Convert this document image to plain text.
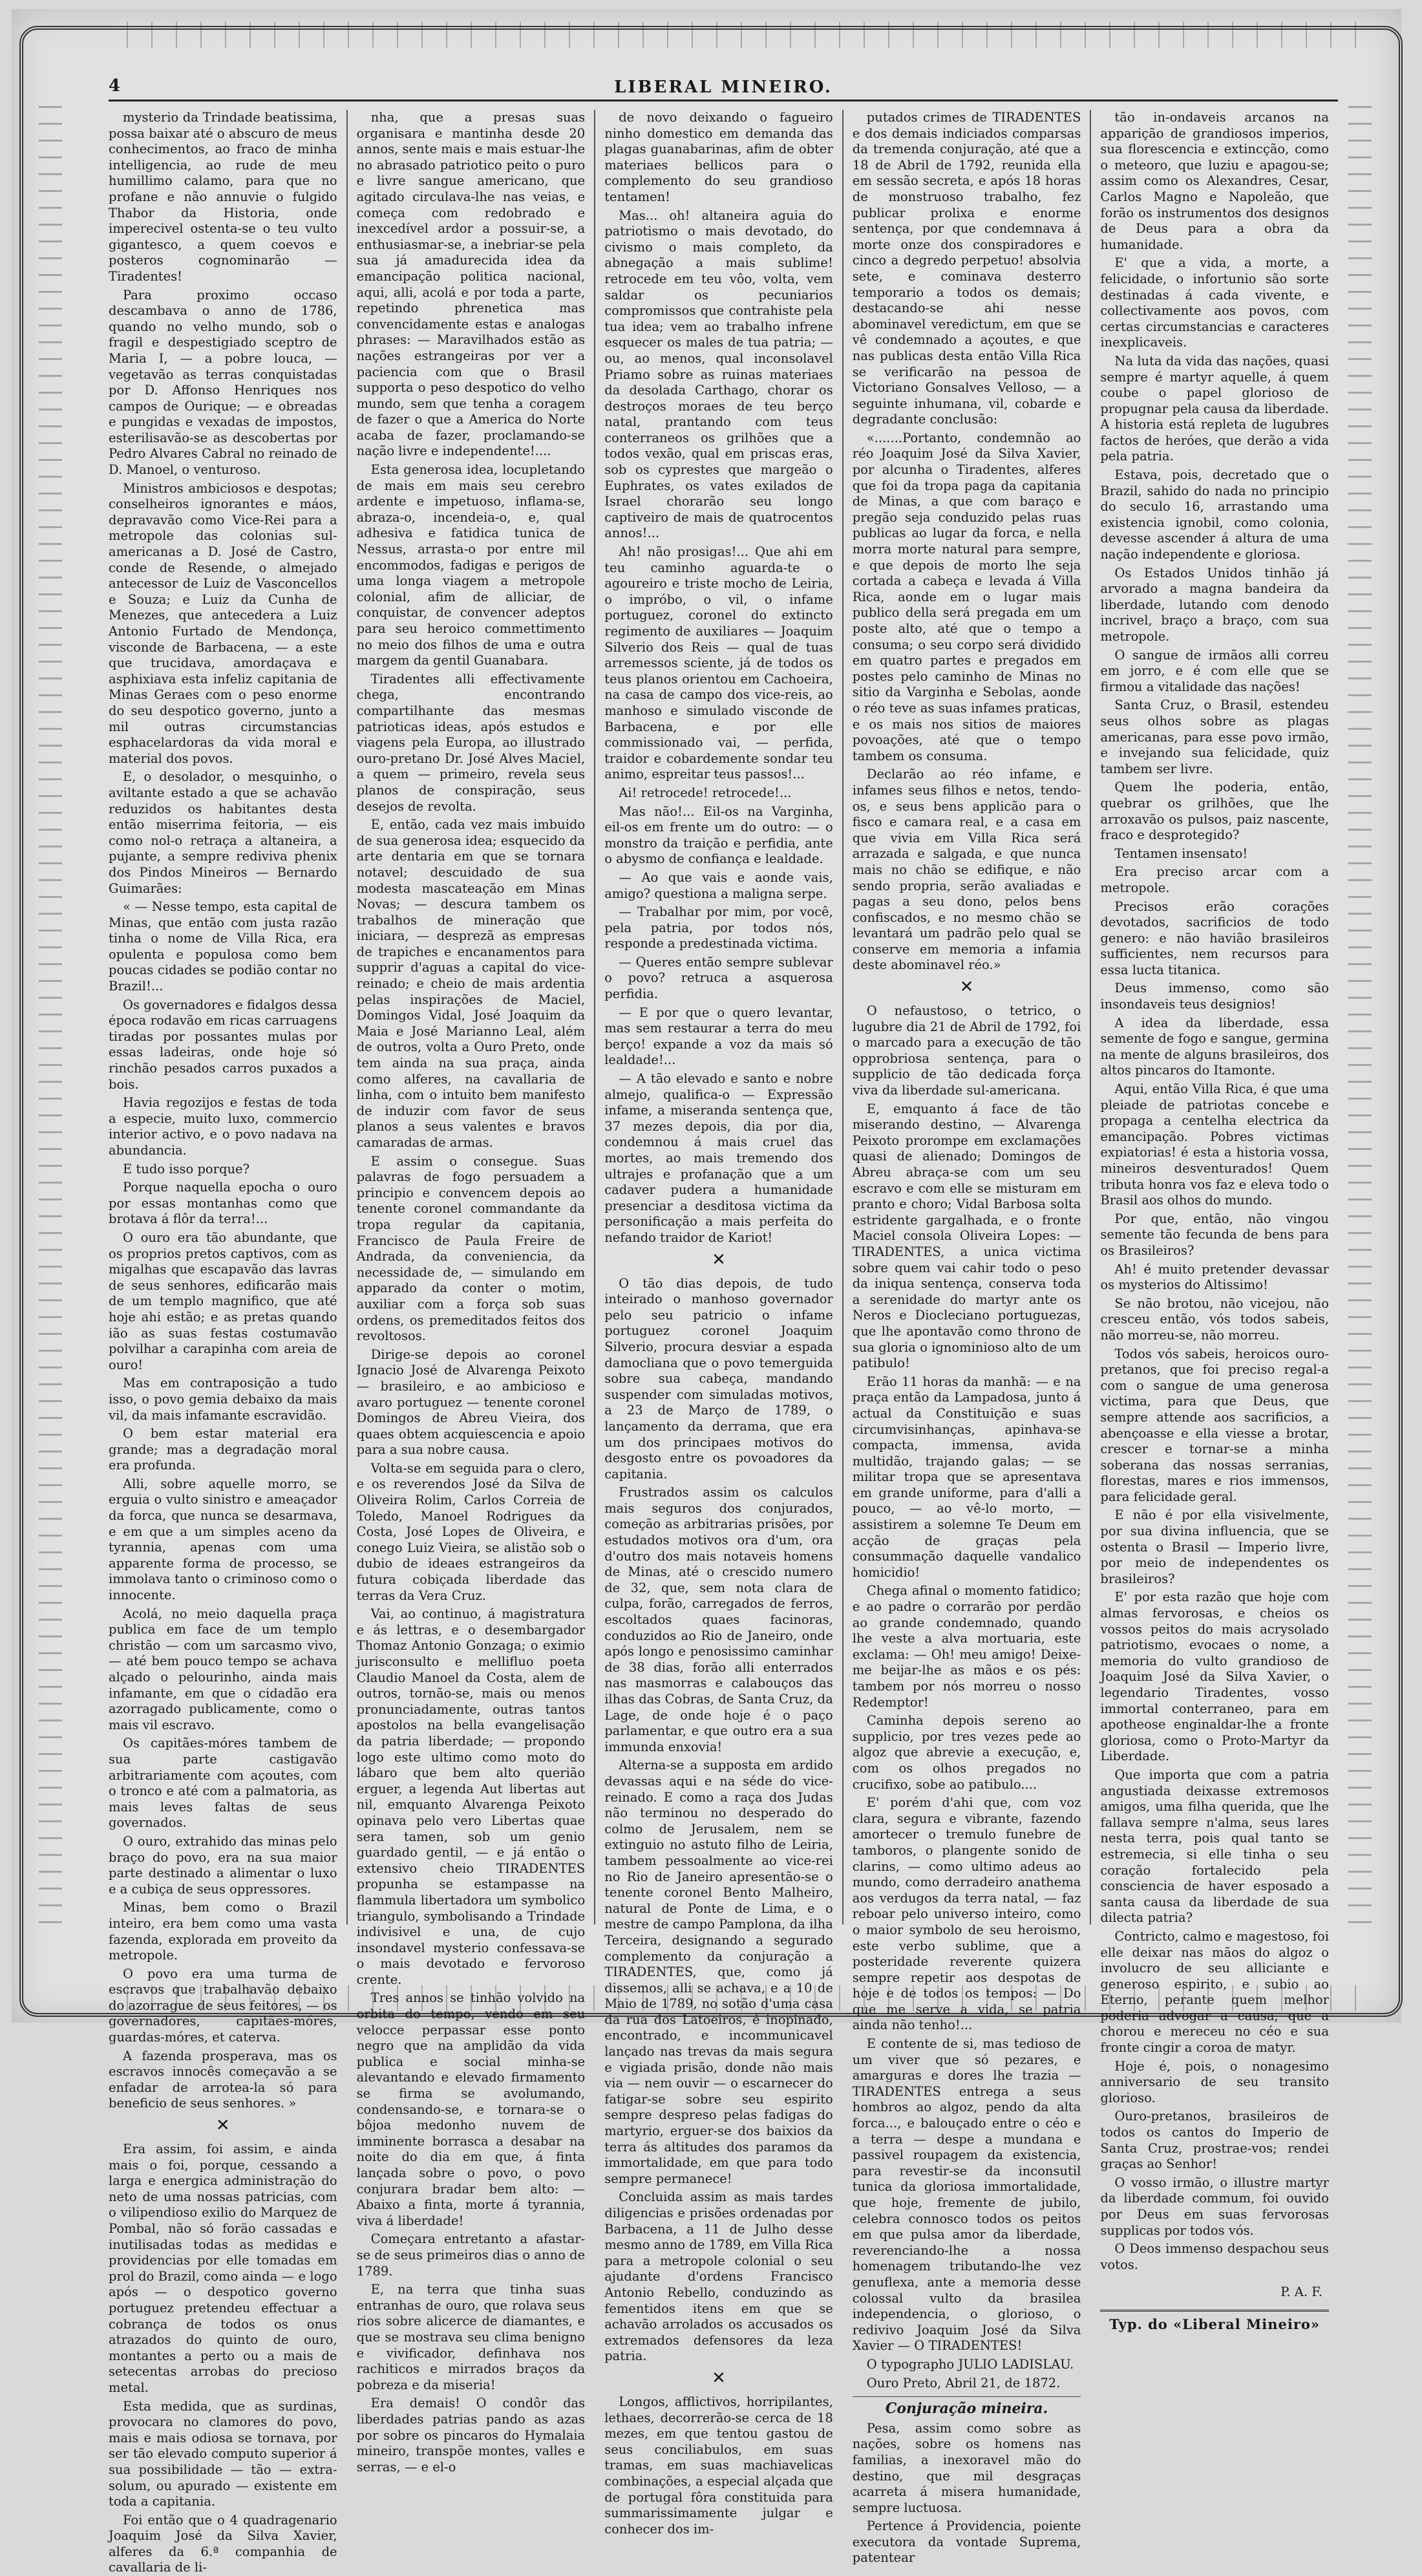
4	LIBERAL MINEIRO.

mysterio da Trindade beatissima, possa baixar até o abscuro de meus conhecimentos, ao fraco de minha intelligencia, ao rude de meu humillimo calamo, para que no profane e não annuvie o fulgido Thabor da Historia, onde imperecivel ostenta-se o teu vulto gigantesco, a quem coevos e posteros cognominarão — Tiradentes!

Para proximo occaso descambava o anno de 1786, quando no velho mundo, sob o fragil e despestigiado sceptro de Maria I, — a pobre louca, — vegetavão as terras conquistadas por D. Affonso Henriques nos campos de Ourique; — e obreadas e pungidas e vexadas de impostos, esterilisavão-se as descobertas por Pedro Alvares Cabral no reinado de D. Manoel, o venturoso.

Ministros ambiciosos e despotas; conselheiros ignorantes e máos, depravavão como Vice-Rei para a metropole das colonias sul-americanas a D. José de Castro, conde de Resende, o almejado antecessor de Luiz de Vasconcellos e Souza; e Luiz da Cunha de Menezes, que antecedera a Luiz Antonio Furtado de Mendonça, visconde de Barbacena, — a este que trucidava, amordaçava e asphixiava esta infeliz capitania de Minas Geraes com o peso enorme do seu despotico governo, junto a mil outras circumstancias esphacelardoras da vida moral e material dos povos.

E, o desolador, o mesquinho, o aviltante estado a que se achavão reduzidos os habitantes desta então miserrima feitoria, — eis como nol-o retraça a altaneira, a pujante, a sempre rediviva phenix dos Pindos Mineiros — Bernardo Guimarães:

« — Nesse tempo, esta capital de Minas, que então com justa razão tinha o nome de Villa Rica, era opulenta e populosa como bem poucas cidades se podião contar no Brazil!...

Os governadores e fidalgos dessa época rodavão em ricas carruagens tiradas por possantes mulas por essas ladeiras, onde hoje só rinchão pesados carros puxados a bois.

Havia regozijos e festas de toda a especie, muito luxo, commercio interior activo, e o povo nadava na abundancia.

E tudo isso porque?

Porque naquella epocha o ouro por essas montanhas como que brotava á flôr da terra!...

O ouro era tão abundante, que os proprios pretos captivos, com as migalhas que escapavão das lavras de seus senhores, edificarão mais de um templo magnifico, que até hoje ahi estão; e as pretas quando ião as suas festas costumavão polvilhar a carapinha com areia de ouro!

Mas em contraposição a tudo isso, o povo gemia debaixo da mais vil, da mais infamante escravidão.

O bem estar material era grande; mas a degradação moral era profunda.

Alli, sobre aquelle morro, se erguia o vulto sinistro e ameaçador da forca, que nunca se desarmava, e em que a um simples aceno da tyrannia, apenas com uma apparente forma de processo, se immolava tanto o criminoso como o innocente.

Acolá, no meio daquella praça publica em face de um templo christão — com um sarcasmo vivo, — até bem pouco tempo se achava alçado o pelourinho, ainda mais infamante, em que o cidadão era azorragado publicamente, como o mais vil escravo.

Os capitães-móres tambem de sua parte castigavão arbitrariamente com açoutes, com o tronco e até com a palmatoria, as mais leves faltas de seus governados.

O ouro, extrahido das minas pelo braço do povo, era na sua maior parte destinado a alimentar o luxo e a cubiça de seus oppressores.

Minas, bem como o Brazil inteiro, era bem como uma vasta fazenda, explorada em proveito da metropole.

O povo era uma turma de escravos que trabalhavão debaixo do azorrague de seus feitores, — os governadores, capitães-móres, guardas-móres, et caterva.

A fazenda prosperava, mas os escravos innocês começavão a se enfadar de arrotea-la só para beneficio de seus senhores. »

✕

Era assim, foi assim, e ainda mais o foi, porque, cessando a larga e energica administração do neto de uma nossas patricias, com o vilipendioso exilio do Marquez de Pombal, não só foräo cassadas e inutilisadas todas as medidas e providencias por elle tomadas em prol do Brazil, como ainda — e logo após — o despotico governo portuguez pretendeu effectuar a cobrança de todos os onus atrazados do quinto de ouro, montantes a perto ou a mais de setecentas arrobas do precioso metal.

Esta medida, que as surdinas, provocara no clamores do povo, mais e mais odiosa se tornava, por ser tão elevado computo superior á sua possibilidade — tão — extra-solum, ou apurado — existente em toda a capitania.

Foi então que o 4 quadragenario Joaquim José da Silva Xavier, alferes da 6.ª companhia de cavallaria de li-

nha, que a presas suas organisara e mantinha desde 20 annos, sente mais e mais estuar-lhe no abrasado patriotico peito o puro e livre sangue americano, que agitado circulava-lhe nas veias, e começa com redobrado e inexcedível ardor a possuir-se, a enthusiasmar-se, a inebriar-se pela sua já amadurecida idea da emancipação politica nacional, aqui, alli, acolá e por toda a parte, repetindo phrenetica mas convencidamente estas e analogas phrases: — Maravilhados estão as nações estrangeiras por ver a paciencia com que o Brasil supporta o peso despotico do velho mundo, sem que tenha a coragem de fazer o que a America do Norte acaba de fazer, proclamando-se nação livre e independente!....

Esta generosa idea, locupletando de mais em mais seu cerebro ardente e impetuoso, inflama-se, abraza-o, incendeia-o, e, qual adhesiva e fatidica tunica de Nessus, arrasta-o por entre mil encommodos, fadigas e perigos de uma longa viagem a metropole colonial, afim de alliciar, de conquistar, de convencer adeptos para seu heroico commettimento no meio dos filhos de uma e outra margem da gentil Guanabara.

Tiradentes alli effectivamente chega, encontrando compartilhante das mesmas patrioticas ideas, após estudos e viagens pela Europa, ao illustrado ouro-pretano Dr. José Alves Maciel, a quem — primeiro, revela seus planos de conspiração, seus desejos de revolta.

E, então, cada vez mais imbuido de sua generosa idea; esquecido da arte dentaria em que se tornara notavel; descuidado de sua modesta mascateação em Minas Novas; — descura tambem os trabalhos de mineração que iniciara, — desprezã as empresas de trapiches e encanamentos para supprir d'aguas a capital do vice-reinado; e cheio de mais ardentia pelas inspirações de Maciel, Domingos Vidal, José Joaquim da Maia e José Marianno Leal, além de outros, volta a Ouro Preto, onde tem ainda na sua praça, ainda como alferes, na cavallaria de linha, com o intuito bem manifesto de induzir com favor de seus planos a seus valentes e bravos camaradas de armas.

E assim o consegue. Suas palavras de fogo persuadem a principio e convencem depois ao tenente coronel commandante da tropa regular da capitania, Francisco de Paula Freire de Andrada, da conveniencia, da necessidade de, — simulando em apparado da conter o motim, auxiliar com a força sob suas ordens, os premeditados feitos dos revoltosos.

Dirige-se depois ao coronel Ignacio José de Alvarenga Peixoto — brasileiro, e ao ambicioso e avaro portuguez — tenente coronel Domingos de Abreu Vieira, dos quaes obtem acquiescencia e apoio para a sua nobre causa.

Volta-se em seguida para o clero, e os reverendos José da Silva de Oliveira Rolim, Carlos Correia de Toledo, Manoel Rodrigues da Costa, José Lopes de Oliveira, e conego Luiz Vieira, se alistão sob o dubio de ideaes estrangeiros da futura cobiçada liberdade das terras da Vera Cruz.

Vai, ao continuo, á magistratura e ás lettras, e o desembargador Thomaz Antonio Gonzaga; o eximio jurisconsulto e mellifluo poeta Claudio Manoel da Costa, alem de outros, tornão-se, mais ou menos pronunciadamente, outras tantos apostolos na bella evangelisação da patria liberdade; — propondo logo este ultimo como moto do lábaro que bem alto querião erguer, a legenda Aut libertas aut nil, emquanto Alvarenga Peixoto opinava pelo vero Libertas quae sera tamen, sob um genio guardado gentil, — e já então o extensivo cheio TIRADENTES propunha se estampasse na flammula libertadora um symbolico triangulo, symbolisando a Trindade indivisivel e una, de cujo insondavel mysterio confessava-se o mais devotado e fervoroso crente.

Tres annos se tinhão volvido na orbita do tempo, vendo em seu velocce perpassar esse ponto negro que na amplidão da vida publica e social minha-se alevantando e elevado firmamento se firma se avolumando, condensando-se, e tornara-se o bôjoa medonho nuvem de imminente borrasca a desabar na noite do dia em que, á finta lançada sobre o povo, o povo conjurara bradar bem alto: — Abaixo a finta, morte á tyrannia, viva á liberdade!

Começara entretanto a afastar-se de seus primeiros dias o anno de 1789.

E, na terra que tinha suas entranhas de ouro, que rolava seus rios sobre alicerce de diamantes, e que se mostrava seu clima benigno e vivificador, definhava nos rachiticos e mirrados braços da pobreza e da miseria!

Era demais! O condôr das liberdades patrias pando as azas por sobre os pincaros do Hymalaia mineiro, transpõe montes, valles e serras, — e el-o

de novo deixando o fagueiro ninho domestico em demanda das plagas guanabarinas, afim de obter materiaes bellicos para o complemento do seu grandioso tentamen!

Mas... oh! altaneira aguia do patriotismo o mais devotado, do civismo o mais completo, da abnegação a mais sublime! retrocede em teu vôo, volta, vem saldar os pecuniarios compromissos que contrahiste pela tua idea; vem ao trabalho infrene esquecer os males de tua patria; — ou, ao menos, qual inconsolavel Priamo sobre as ruinas materiaes da desolada Carthago, chorar os destroços moraes de teu berço natal, prantando com teus conterraneos os grilhões que a todos vexão, qual em priscas eras, sob os cyprestes que margeão o Euphrates, os vates exilados de Israel chorarão seu longo captiveiro de mais de quatrocentos annos!...

Ah! não prosigas!... Que ahi em teu caminho aguarda-te o agoureiro e triste mocho de Leiria, o impróbo, o vil, o infame portuguez, coronel do extincto regimento de auxiliares — Joaquim Silverio dos Reis — qual de tuas arremessos sciente, já de todos os teus planos orientou em Cachoeira, na casa de campo dos vice-reis, ao manhoso e simulado visconde de Barbacena, e por elle commissionado vai, — perfida, traidor e cobardemente sondar teu animo, espreitar teus passos!...

Ai! retrocede! retrocede!...

Mas não!... Eil-os na Varginha, eil-os em frente um do outro: — o monstro da traição e perfidia, ante o abysmo de confiança e lealdade.

— Ao que vais e aonde vais, amigo? questiona a maligna serpe.

— Trabalhar por mim, por você, pela patria, por todos nós, responde a predestinada victima.

— Queres então sempre sublevar o povo? retruca a asquerosa perfidia.

— E por que o quero levantar, mas sem restaurar a terra do meu berço! expande a voz da mais só lealdade!...

— A tão elevado e santo e nobre almejo, qualifica-o — Expressão infame, a miseranda sentença que, 37 mezes depois, dia por dia, condemnou á mais cruel das mortes, ao mais tremendo dos ultrajes e profanação que a um cadaver pudera a humanidade presenciar a desditosa victima da personificação a mais perfeita do nefando traidor de Kariot!

✕

O tão dias depois, de tudo inteirado o manhoso governador pelo seu patricio o infame portuguez coronel Joaquim Silverio, procura desviar a espada damocliana que o povo temerguida sobre sua cabeça, mandando suspender com simuladas motivos, a 23 de Março de 1789, o lançamento da derrama, que era um dos principaes motivos do desgosto entre os povoadores da capitania.

Frustrados assim os calculos mais seguros dos conjurados, começão as arbitrarias prisões, por estudados motivos ora d'um, ora d'outro dos mais notaveis homens de Minas, até o crescido numero de 32, que, sem nota clara de culpa, forão, carregados de ferros, escoltados quaes facinoras, conduzidos ao Rio de Janeiro, onde após longo e penosissimo caminhar de 38 dias, forão alli enterrados nas masmorras e calabouços das ilhas das Cobras, de Santa Cruz, da Lage, de onde hoje é o paço parlamentar, e que outro era a sua immunda enxovia!

Alterna-se a supposta em ardido devassas aqui e na séde do vice-reinado. E como a raça dos Judas não terminou no desperado do colmo de Jerusalem, nem se extinguio no astuto filho de Leiria, tambem pessoalmente ao vice-rei no Rio de Janeiro apresentão-se o tenente coronel Bento Malheiro, natural de Ponte de Lima, e o mestre de campo Pamplona, da ilha Terceira, designando a segurado complemento da conjuração a TIRADENTES, que, como já dissemos, alli se achava, e a 10 de Maio de 1789, no sotão d'uma casa da rua dos Latoeiros, é inopinado, encontrado, e incommunicavel lançado nas trevas da mais segura e vigiada prisão, donde não mais via — nem ouvir — o escarnecer do fatigar-se sobre seu espirito sempre despreso pelas fadigas do martyrio, erguer-se dos baixios da terra ás altitudes dos paramos da immortalidade, em que para todo sempre permanece!

Concluida assim as mais tardes diligencias e prisões ordenadas por Barbacena, a 11 de Julho desse mesmo anno de 1789, em Villa Rica para a metropole colonial o seu ajudante d'ordens Francisco Antonio Rebello, conduzindo as fementidos itens em que se achavão arrolados os accusados os extremados defensores da leza patria.

✕

Longos, afflictivos, horripilantes, lethaes, decorrerão-se cerca de 18 mezes, em que tentou gastou de seus conciliabulos, em suas tramas, em suas machiavelicas combinações, a especial alçada que de portugal fôra constituida para summarissimamente julgar e conhecer dos im-

putados crimes de TIRADENTES e dos demais indiciados comparsas da tremenda conjuração, até que a 18 de Abril de 1792, reunida ella em sessão secreta, e após 18 horas de monstruoso trabalho, fez publicar prolixa e enorme sentença, por que condemnava á morte onze dos conspiradores e cinco a degredo perpetuo! absolvia sete, e cominava desterro temporario a todos os demais; destacando-se ahi nesse abominavel veredictum, em que se vê condemnado a açoutes, e que nas publicas desta então Villa Rica se verificarão na pessoa de Victoriano Gonsalves Velloso, — a seguinte inhumana, vil, cobarde e degradante conclusão:

«.......Portanto, condemnão ao réo Joaquim José da Silva Xavier, por alcunha o Tiradentes, alferes que foi da tropa paga da capitania de Minas, a que com baraço e pregão seja conduzido pelas ruas publicas ao lugar da forca, e nella morra morte natural para sempre, e que depois de morto lhe seja cortada a cabeça e levada á Villa Rica, aonde em o lugar mais publico della será pregada em um poste alto, até que o tempo a consuma; o seu corpo será dividido em quatro partes e pregados em postes pelo caminho de Minas no sitio da Varginha e Sebolas, aonde o réo teve as suas infames praticas, e os mais nos sitios de maiores povoações, até que o tempo tambem os consuma.

Declarão ao réo infame, e infames seus filhos e netos, tendo-os, e seus bens applicão para o fisco e camara real, e a casa em que vivia em Villa Rica será arrazada e salgada, e que nunca mais no chão se edifique, e não sendo propria, serão avaliadas e pagas a seu dono, pelos bens confiscados, e no mesmo chão se levantará um padrão pelo qual se conserve em memoria a infamia deste abominavel réo.»

✕

O nefaustoso, o tetrico, o lugubre dia 21 de Abril de 1792, foi o marcado para a execução de tão opprobriosa sentença, para o supplicio de tão dedicada força viva da liberdade sul-americana.

E, emquanto á face de tão miserando destino, — Alvarenga Peixoto prorompe em exclamações quasi de alienado; Domingos de Abreu abraça-se com um seu escravo e com elle se misturam em pranto e choro; Vidal Barbosa solta estridente gargalhada, e o fronte Maciel consola Oliveira Lopes: — TIRADENTES, a unica victima sobre quem vai cahir todo o peso da iniqua sentença, conserva toda a serenidade do martyr ante os Neros e Diocleciano portuguezas, que lhe apontavão como throno de sua gloria o ignominioso alto de um patibulo!

Erão 11 horas da manhã: — e na praça então da Lampadosa, junto á actual da Constituição e suas circumvisinhanças, apinhava-se compacta, immensa, avida multidão, trajando galas; — se militar tropa que se apresentava em grande uniforme, para d'alli a pouco, — ao vê-lo morto, — assistirem a solemne Te Deum em acção de graças pela consummação daquelle vandalico homicidio!

Chega afinal o momento fatidico; e ao padre o corrarão por perdão ao grande condemnado, quando lhe veste a alva mortuaria, este exclama: — Oh! meu amigo! Deixe-me beijar-lhe as mãos e os pés: tambem por nós morreu o nosso Redemptor!

Caminha depois sereno ao supplicio, por tres vezes pede ao algoz que abrevie a execução, e, com os olhos pregados no crucifixo, sobe ao patibulo....

E' porém d'ahi que, com voz clara, segura e vibrante, fazendo amortecer o tremulo funebre de tamboros, o plangente sonido de clarins, — como ultimo adeus ao mundo, como derradeiro anathema aos verdugos da terra natal, — faz reboar pelo universo inteiro, como o maior symbolo de seu heroismo, este verbo sublime, que a posteridade reverente quizera sempre repetir aos despotas de hoje e de todos os tempos: — Do que me serve a vida, se patria ainda não tenho!...

E contente de si, mas tedioso de um viver que só pezares, e amarguras e dores lhe trazia — TIRADENTES entrega a seus hombros ao algoz, pendo da alta forca..., e balouçado entre o céo e a terra — despe a mundana e passivel roupagem da existencia, para revestir-se da inconsutil tunica da gloriosa immortalidade, que hoje, fremente de jubilo, celebra connosco todos os peitos em que pulsa amor da liberdade, reverenciando-lhe a nossa homenagem tributando-lhe vez genuflexa, ante a memoria desse colossal vulto da brasilea independencia, o glorioso, o redivivo Joaquim José da Silva Xavier — O TIRADENTES!

O typographo JULIO LADISLAU.

Ouro Preto, Abril 21, de 1872.

Conjuração mineira.

Pesa, assim como sobre as nações, sobre os homens nas familias, a inexoravel mão do destino, que mil desgraças acarreta á misera humanidade, sempre luctuosa.

Pertence á Providencia, poiente executora da vontade Suprema, patentear

tão in-ondaveis arcanos na apparição de grandiosos imperios, sua florescencia e extincção, como o meteoro, que luziu e apagou-se; assim como os Alexandres, Cesar, Carlos Magno e Napoleão, que forão os instrumentos dos designos de Deus para a obra da humanidade.

E' que a vida, a morte, a felicidade, o infortunio são sorte destinadas á cada vivente, e collectivamente aos povos, com certas circumstancias e caracteres inexplicaveis.

Na luta da vida das nações, quasi sempre é martyr aquelle, á quem coube o papel glorioso de propugnar pela causa da liberdade. A historia está repleta de lugubres factos de heróes, que derão a vida pela patria.

Estava, pois, decretado que o Brazil, sahido do nada no principio do seculo 16, arrastando uma existencia ignobil, como colonia, devesse ascender á altura de uma nação independente e gloriosa.

Os Estados Unidos tinhão já arvorado a magna bandeira da liberdade, lutando com denodo incrivel, braço a braço, com sua metropole.

O sangue de irmãos alli correu em jorro, e é com elle que se firmou a vitalidade das nações!

Santa Cruz, o Brasil, estendeu seus olhos sobre as plagas americanas, para esse povo irmão, e invejando sua felicidade, quiz tambem ser livre.

Quem lhe poderia, então, quebrar os grilhões, que lhe arroxavão os pulsos, paiz nascente, fraco e desprotegido?

Tentamen insensato!

Era preciso arcar com a metropole.

Precisos erão corações devotados, sacrificios de todo genero: e não havião brasileiros sufficientes, nem recursos para essa lucta titanica.

Deus immenso, como são insondaveis teus designios!

A idea da liberdade, essa semente de fogo e sangue, germina na mente de alguns brasileiros, dos altos pincaros do Itamonte.

Aqui, então Villa Rica, é que uma pleiade de patriotas concebe e propaga a centelha electrica da emancipação. Pobres victimas expiatorias! é esta a historia vossa, mineiros desventurados! Quem tributa honra vos faz e eleva todo o Brasil aos olhos do mundo.

Por que, então, não vingou semente tão fecunda de bens para os Brasileiros?

Ah! é muito pretender devassar os mysterios do Altissimo!

Se não brotou, não vicejou, não cresceu então, vós todos sabeis, não morreu-se, não morreu.

Todos vós sabeis, heroicos ouro-pretanos, que foi preciso regal-a com o sangue de uma generosa victima, para que Deus, que sempre attende aos sacrificios, a abençoasse e ella viesse a brotar, crescer e tornar-se a minha soberana das nossas serranias, florestas, mares e rios immensos, para felicidade geral.

E não é por ella visivelmente, por sua divina influencia, que se ostenta o Brasil — Imperio livre, por meio de independentes os brasileiros?

E' por esta razão que hoje com almas fervorosas, e cheios os vossos peitos do mais acrysolado patriotismo, evocaes o nome, a memoria do vulto grandioso de Joaquim José da Silva Xavier, o legendario Tiradentes, vosso immortal conterraneo, para em apotheose enginaldar-lhe a fronte gloriosa, como o Proto-Martyr da Liberdade.

Que importa que com a patria angustiada deixasse extremosos amigos, uma filha querida, que lhe fallava sempre n'alma, seus lares nesta terra, pois qual tanto se estremecia, si elle tinha o seu coração fortalecido pela consciencia de haver esposado a santa causa da liberdade de sua dilecta patria?

Contricto, calmo e magestoso, foi elle deixar nas mãos do algoz o involucro de seu alliciante e generoso espirito, e subio ao Eterno, perante quem melhor poderia advogar a causa, que a chorou e mereceu no céo e sua fronte cingir a coroa de matyr.

Hoje é, pois, o nonagesimo anniversario de seu transito glorioso.

Ouro-pretanos, brasileiros de todos os cantos do Imperio de Santa Cruz, prostrae-vos; rendei graças ao Senhor!

O vosso irmão, o illustre martyr da liberdade commum, foi ouvido por Deus em suas fervorosas supplicas por todos vós.

O Deos immenso despachou seus votos.

P. A. F.
Typ. do «Liberal Mineiro»
